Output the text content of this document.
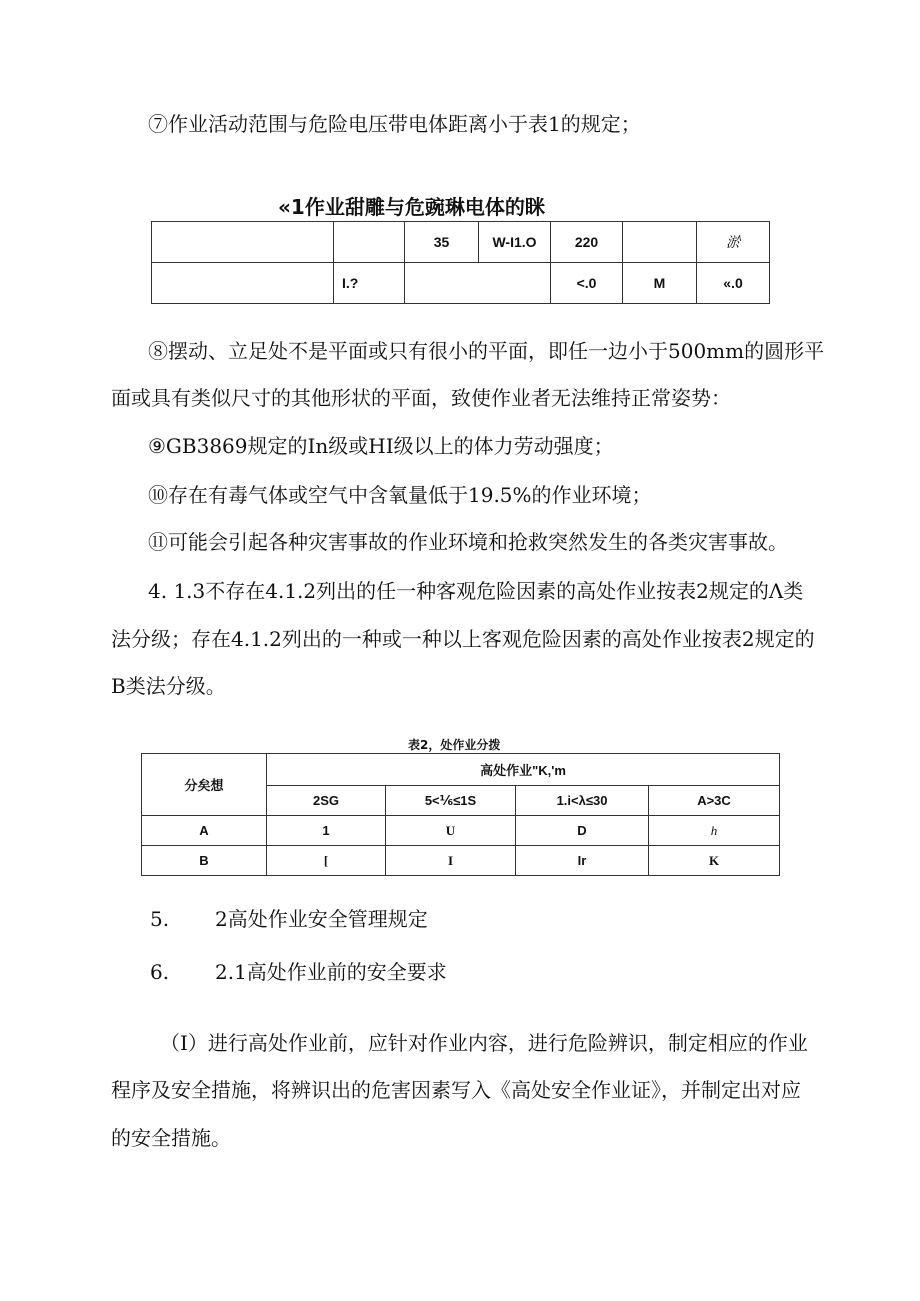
⑦作业活动范围与危险电压带电体距离小于表1的规定；
«1作业甜雕与危豌琳电体的眯
		35	W-I1.O	220		淤
	I.?			<.0	M	«.0
⑧摆动、立足处不是平面或只有很小的平面，即任一边小于500mm的圆形平
面或具有类似尺寸的其他形状的平面，致使作业者无法维持正常姿势：
⑨GB3869规定的In级或HI级以上的体力劳动强度；
⑩存在有毒气体或空气中含氧量低于19.5%的作业环境；
⑪可能会引起各种灾害事故的作业环境和抢救突然发生的各类灾害事故。
4. 1.3不存在4.1.2列出的任一种客观危险因素的高处作业按表2规定的Λ类
法分级；存在4.1.2列出的一种或一种以上客观危险因素的高处作业按表2规定的
B类法分级。
表2，处作业分拨
分矣想	高处作业"K,'m			
	2SG	5<⅙≤1S	1.i<λ≤30	A>3C
A	1	U	D	h
B	[	I	Ir	K
5. 2高处作业安全管理规定
6. 2.1高处作业前的安全要求
（I）进行高处作业前，应针对作业内容，进行危险辨识，制定相应的作业
程序及安全措施，将辨识出的危害因素写入《高处安全作业证》，并制定出对应
的安全措施。
